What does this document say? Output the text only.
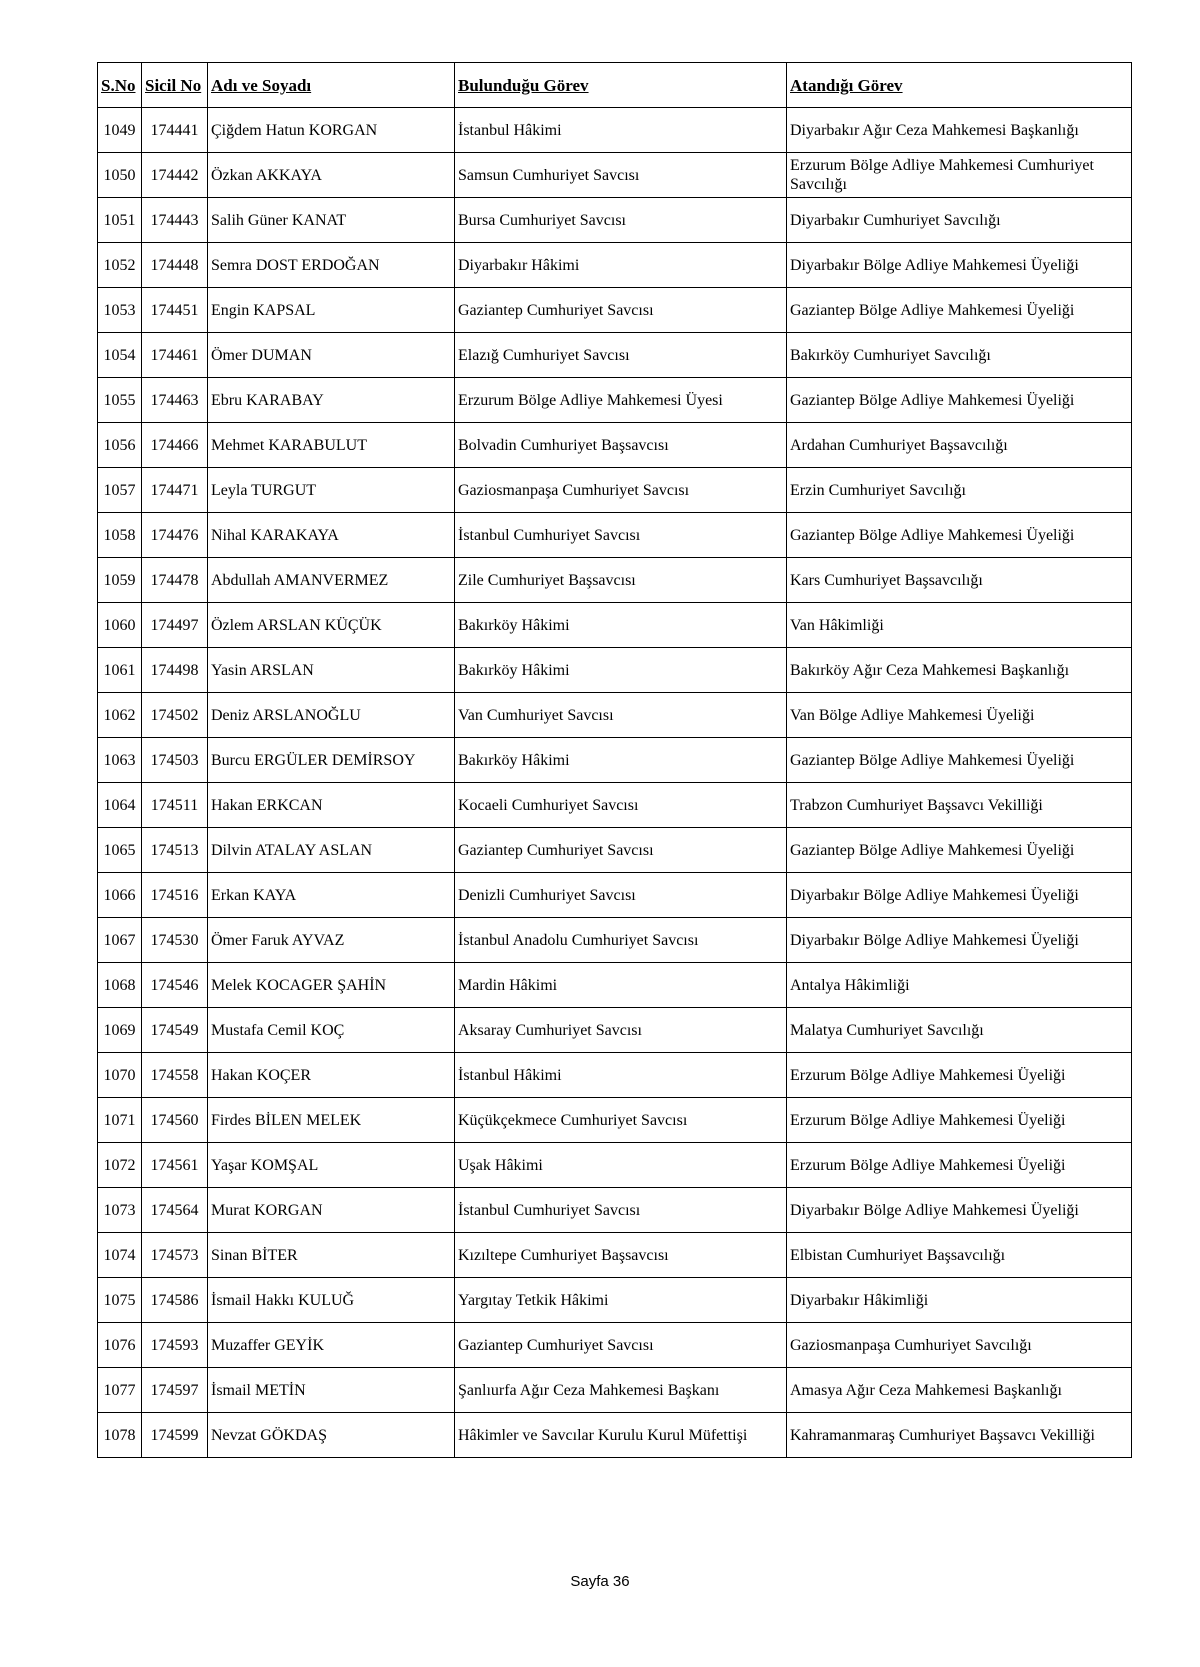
S.No	Sicil No	Adı ve Soyadı	Bulunduğu Görev	Atandığı Görev
1049	174441	Çiğdem Hatun KORGAN	İstanbul Hâkimi	Diyarbakır Ağır Ceza Mahkemesi Başkanlığı
1050	174442	Özkan AKKAYA	Samsun Cumhuriyet Savcısı	Erzurum Bölge Adliye Mahkemesi Cumhuriyet Savcılığı
1051	174443	Salih Güner KANAT	Bursa Cumhuriyet Savcısı	Diyarbakır Cumhuriyet Savcılığı
1052	174448	Semra DOST ERDOĞAN	Diyarbakır Hâkimi	Diyarbakır Bölge Adliye Mahkemesi Üyeliği
1053	174451	Engin KAPSAL	Gaziantep Cumhuriyet Savcısı	Gaziantep Bölge Adliye Mahkemesi Üyeliği
1054	174461	Ömer DUMAN	Elazığ Cumhuriyet Savcısı	Bakırköy Cumhuriyet Savcılığı
1055	174463	Ebru KARABAY	Erzurum Bölge Adliye Mahkemesi Üyesi	Gaziantep Bölge Adliye Mahkemesi Üyeliği
1056	174466	Mehmet KARABULUT	Bolvadin Cumhuriyet Başsavcısı	Ardahan Cumhuriyet Başsavcılığı
1057	174471	Leyla TURGUT	Gaziosmanpaşa Cumhuriyet Savcısı	Erzin Cumhuriyet Savcılığı
1058	174476	Nihal KARAKAYA	İstanbul Cumhuriyet Savcısı	Gaziantep Bölge Adliye Mahkemesi Üyeliği
1059	174478	Abdullah AMANVERMEZ	Zile Cumhuriyet Başsavcısı	Kars Cumhuriyet Başsavcılığı
1060	174497	Özlem ARSLAN KÜÇÜK	Bakırköy Hâkimi	Van Hâkimliği
1061	174498	Yasin ARSLAN	Bakırköy Hâkimi	Bakırköy Ağır Ceza Mahkemesi Başkanlığı
1062	174502	Deniz ARSLANOĞLU	Van Cumhuriyet Savcısı	Van Bölge Adliye Mahkemesi Üyeliği
1063	174503	Burcu ERGÜLER DEMİRSOY	Bakırköy Hâkimi	Gaziantep Bölge Adliye Mahkemesi Üyeliği
1064	174511	Hakan ERKCAN	Kocaeli Cumhuriyet Savcısı	Trabzon Cumhuriyet Başsavcı Vekilliği
1065	174513	Dilvin ATALAY ASLAN	Gaziantep Cumhuriyet Savcısı	Gaziantep Bölge Adliye Mahkemesi Üyeliği
1066	174516	Erkan KAYA	Denizli Cumhuriyet Savcısı	Diyarbakır Bölge Adliye Mahkemesi Üyeliği
1067	174530	Ömer Faruk AYVAZ	İstanbul Anadolu Cumhuriyet Savcısı	Diyarbakır Bölge Adliye Mahkemesi Üyeliği
1068	174546	Melek KOCAGER ŞAHİN	Mardin Hâkimi	Antalya Hâkimliği
1069	174549	Mustafa Cemil KOÇ	Aksaray Cumhuriyet Savcısı	Malatya Cumhuriyet Savcılığı
1070	174558	Hakan KOÇER	İstanbul Hâkimi	Erzurum Bölge Adliye Mahkemesi Üyeliği
1071	174560	Firdes BİLEN MELEK	Küçükçekmece Cumhuriyet Savcısı	Erzurum Bölge Adliye Mahkemesi Üyeliği
1072	174561	Yaşar KOMŞAL	Uşak Hâkimi	Erzurum Bölge Adliye Mahkemesi Üyeliği
1073	174564	Murat KORGAN	İstanbul Cumhuriyet Savcısı	Diyarbakır Bölge Adliye Mahkemesi Üyeliği
1074	174573	Sinan BİTER	Kızıltepe Cumhuriyet Başsavcısı	Elbistan Cumhuriyet Başsavcılığı
1075	174586	İsmail Hakkı KULUĞ	Yargıtay Tetkik Hâkimi	Diyarbakır Hâkimliği
1076	174593	Muzaffer GEYİK	Gaziantep Cumhuriyet Savcısı	Gaziosmanpaşa Cumhuriyet Savcılığı
1077	174597	İsmail METİN	Şanlıurfa Ağır Ceza Mahkemesi Başkanı	Amasya Ağır Ceza Mahkemesi Başkanlığı
1078	174599	Nevzat GÖKDAŞ	Hâkimler ve Savcılar Kurulu Kurul Müfettişi	Kahramanmaraş Cumhuriyet Başsavcı Vekilliği
Sayfa 36
